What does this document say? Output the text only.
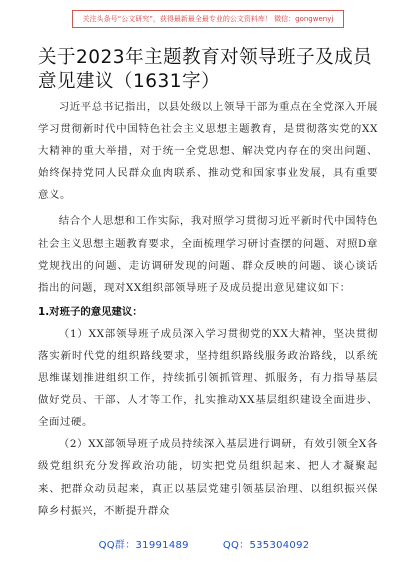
关注头条号“公文研究”，获得最新最全最专业的公文资料库！ 微信：gongwenyj
关于2023年主题教育对领导班子及成员意见建议（1631字）

习近平总书记指出，以县处级以上领导干部为重点在全党深入开展学习贯彻新时代中国特色社会主义思想主题教育，是贯彻落实党的XX大精神的重大举措，对于统一全党思想、解决党内存在的突出问题、始终保持党同人民群众血肉联系、推动党和国家事业发展，具有重要意义。

结合个人思想和工作实际，我对照学习贯彻习近平新时代中国特色社会主义思想主题教育要求，全面梳理学习研讨查摆的问题、对照D章党规找出的问题、走访调研发现的问题、群众反映的问题、谈心谈话指出的问题，现对XX组织部领导班子及成员提出意见建议如下：

1.对班子的意见建议：

（1）XX部领导班子成员深入学习贯彻党的XX大精神，坚决贯彻落实新时代党的组织路线要求，坚持组织路线服务政治路线，以系统思维谋划推进组织工作，持续抓引领抓管理、抓服务，有力指导基层做好党员、干部、人才等工作，扎实推动XX基层组织建设全面进步、全面过硬。

（2）XX部领导班子成员持续深入基层进行调研，有效引领全X各级党组织充分发挥政治功能，切实把党员组织起来、把人才凝聚起来、把群众动员起来，真正以基层党建引领基层治理、以组织振兴保障乡村振兴，不断提升群众

QQ群：31991489	QQ：535304092
